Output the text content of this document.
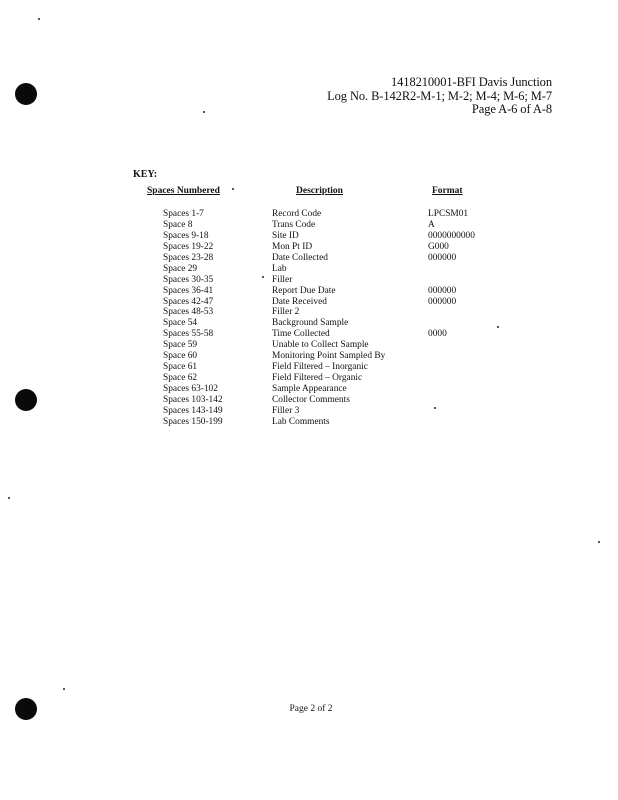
1418210001-BFI Davis Junction
Log No. B-142R2-M-1; M-2; M-4; M-6; M-7
Page A-6 of A-8
KEY:
Spaces Numbered	Description	Format
Spaces 1-7	Record Code	LPCSM01
Space 8	Trans Code	A
Spaces 9-18	Site ID	0000000000
Spaces 19-22	Mon Pt ID	G000
Spaces 23-28	Date Collected	000000
Space 29	Lab
Spaces 30-35	Filler
Spaces 36-41	Report Due Date	000000
Spaces 42-47	Date Received	000000
Spaces 48-53	Filler 2
Space 54	Background Sample
Spaces 55-58	Time Collected	0000
Space 59	Unable to Collect Sample
Space 60	Monitoring Point Sampled By
Space 61	Field Filtered – Inorganic
Space 62	Field Filtered – Organic
Spaces 63-102	Sample Appearance
Spaces 103-142	Collector Comments
Spaces 143-149	Filler 3
Spaces 150-199	Lab Comments
Page 2 of 2
